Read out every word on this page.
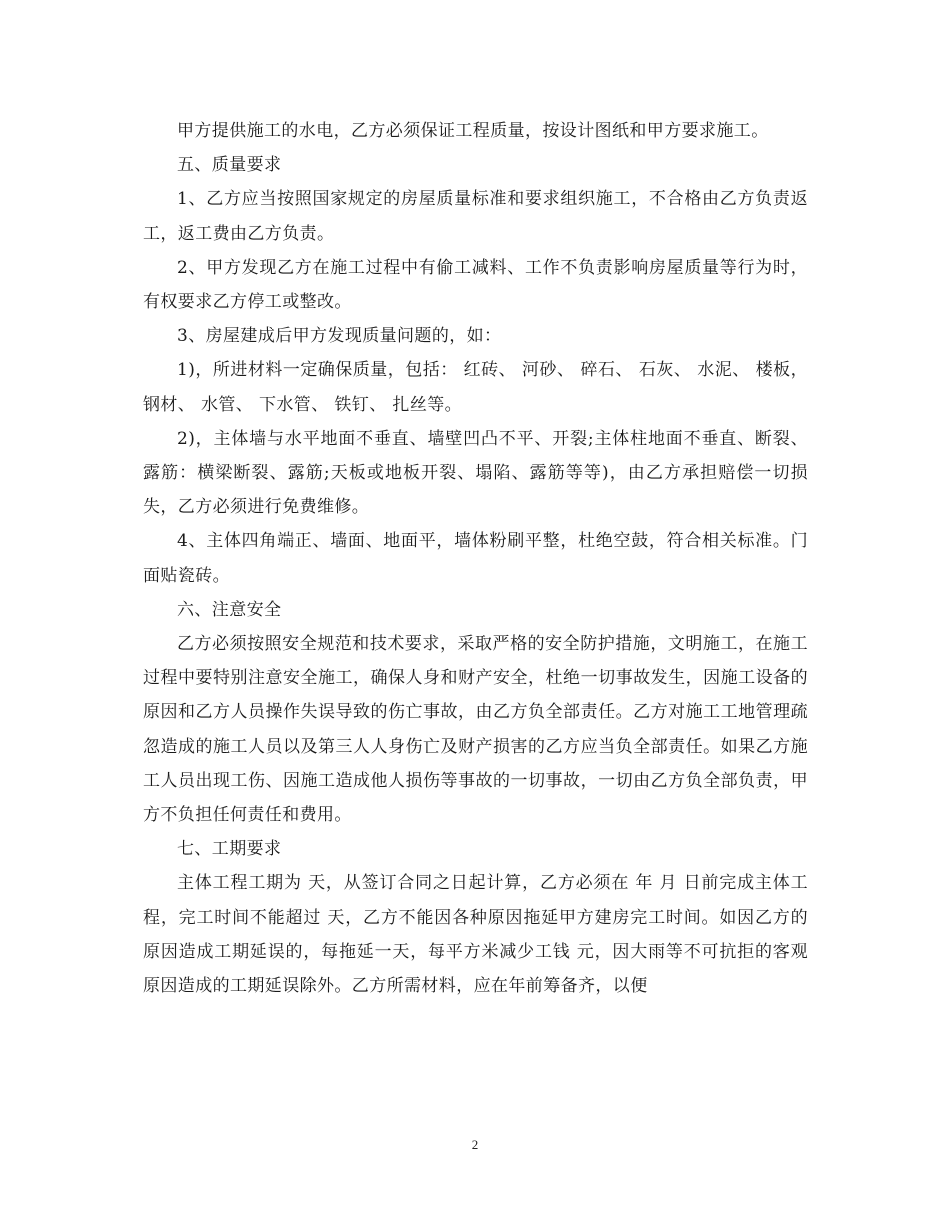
甲方提供施工的水电，乙方必须保证工程质量，按设计图纸和甲方要求施工。

五、质量要求

1、乙方应当按照国家规定的房屋质量标准和要求组织施工，不合格由乙方负责返工，返工费由乙方负责。

2、甲方发现乙方在施工过程中有偷工减料、工作不负责影响房屋质量等行为时，有权要求乙方停工或整改。

3、房屋建成后甲方发现质量问题的，如：

1)，所进材料一定确保质量，包括： 红砖、 河砂、 碎石、 石灰、 水泥、 楼板， 钢材、 水管、 下水管、 铁钉、 扎丝等。

2)，主体墙与水平地面不垂直、墙壁凹凸不平、开裂;主体柱地面不垂直、断裂、露筋：横梁断裂、露筋;天板或地板开裂、塌陷、露筋等等)，由乙方承担赔偿一切损失，乙方必须进行免费维修。

4、主体四角端正、墙面、地面平，墙体粉刷平整，杜绝空鼓，符合相关标准。门面贴瓷砖。

六、注意安全

乙方必须按照安全规范和技术要求，采取严格的安全防护措施，文明施工，在施工过程中要特别注意安全施工，确保人身和财产安全，杜绝一切事故发生，因施工设备的原因和乙方人员操作失误导致的伤亡事故，由乙方负全部责任。乙方对施工工地管理疏忽造成的施工人员以及第三人人身伤亡及财产损害的乙方应当负全部责任。如果乙方施工人员出现工伤、因施工造成他人损伤等事故的一切事故，一切由乙方负全部负责，甲方不负担任何责任和费用。

七、工期要求

主体工程工期为 天，从签订合同之日起计算，乙方必须在 年 月 日前完成主体工程，完工时间不能超过 天，乙方不能因各种原因拖延甲方建房完工时间。如因乙方的原因造成工期延误的，每拖延一天，每平方米减少工钱 元，因大雨等不可抗拒的客观原因造成的工期延误除外。乙方所需材料，应在年前筹备齐，以便

2
